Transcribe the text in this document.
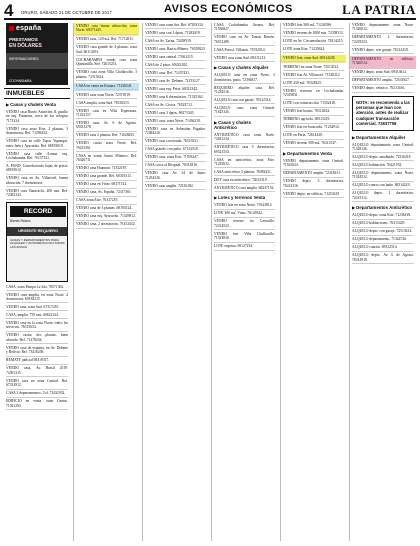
4 ORURO, SÁBADO 21 DE OCTUBRE DE 2017	AVISOS ECONÓMICOS	LA PATRIA
españa
PRESTAMOS
EN DÓLARES
INFORMACIONES
COCHABAMBA
INMUEBLES
▶Casas y chalets Venta
VENDO casa Barrio Asunción II, pasillo en esq. Finanzas, cerca de los colegios 7171234.
VENDO casa zona Este, 2 plantas, 3 dormitorios. Ref. 71296234.
VENDO casa en calle Tupac Yupanqui, entre Jaén y Ayacucho. Ref. 68183019.
VENDO casa calle Aroma esq. Cochabamba. Ref. 76137321.
A. PAND. Cancelaciones bajas de precio 68195612.
VENDO casa en Av. Villarroel, buena ubicación, 7 dormitorios.
VENDO casa Yanacachi, 200 mts. Ref. 72392143.
RECORD
Bienes Raíces
URGENTE REQUIERO
CASAS Y DEPARTAMENTOS PARA ALQUILER Y ANTICRÉTICO EN TODAS LAS ZONAS
CASA, zona Pampa La Isla. 76571362.
VENDO casa amplia, en zona Norte, 4 dormitorios. 69183215.
VENDO casa, zona Sud. 67317235.
CASA, amplia, 750 mts. 60621324.
VENDO casa en la zona Norte, todos los servicios. 76315634.
VENDO casita, dos plantas, buen ubicado. Ref. 71278234.
VENDO casa de esquina, en Av. Dehene y Bolívar. Ref. 73416239.
REMATE judicial 68319317.
VENDO casa, Av. Brasil 2519. 72491315.
VENDO casa en zona Central. Ref. 67312912.
CASA 2 departamentos. Cel. 72431932.
EDIFICIO en venta, zona Centro. 71341293.
VENDO casa buena ubicación, zona Norte. 68371245.
VENDO casa, 120 m2. Ref. 71712031.
VENDO casa grande de 4 plantas, zona Sud. 60113291.
COCHABAMBA vendo casa zona Quintanilla. Ref. 72615231.
VENDO casa zona Villa Challacollo, 3 plantas. 72315624.
CASA en venta en Karana. 71236541.
VENDO casa zona Norte. 72371819.
CASA amplia, zona Sud. 76518213.
VENDO casa en Villa Esperanza. 71232157.
VENDO casa, Av. 6 de Agosto. 69351278.
VENDO casa 2 plantas. Ref. 71628435.
VENDO casita zona Norte, Ref. 76231561.
CASA en venta, barrio Mineros. Ref. 76326711.
VENDO casa Huanuni. 71532167.
VENDO casa grande. Ref. 60319213.
VENDO casa en Vinto. 69371512.
VENDO casa, Av. España. 72317361.
CASA zona Este. 76137219.
VENDO casa de 3 plantas. 68193124.
VENDO casa esq. Ayacucho. 71329812.
VENDO casa, 2 dormitorios. 76152432.
VENDO casa zona Sur, Ref. 67293134.
VENDO casa con 3 dptos. 71283419.
CASA en Av. Tacna. 72438319.
VENDO casa, Barrio Minero. 76519823.
VENDO casa central. 73361215.
CASA de 2 pisos. 69243182.
VENDO casa. Ref. 71237431.
VENDO casa Av. Dehene. 72153127.
VENDO casa esq. Petot. 68312342.
VENDO casa 6 dormitorios. 71325162.
CASA en Av. Cívica. 76523712.
VENDO casa 3 dptos. 69271345.
VENDO casa, zona Norte. 71436219.
VENDO casa en Sebastián Pagador. 72384216.
VENDO casa con tienda. 76519321.
CASA grande, con patio. 67132518.
VENDO casa, zona Este. 71593247.
CASA cerca al Hospital. 76312816.
VENDO casa Av. 24 de Junio. 71254326.
VENDO casa amplia. 72316182.
CASA Cochabamba Aroma. Ref. 71536827.
VENDO casa en Av. Tomás Barrón. 76513289.
CASA Potosí, Villazón. 71932514.
VENDO casa zona Sud. 69311213.
▶Casas y chalets Alquiler
ALQUILO casa en zona Norte, 3 dormitorios, patio. 72394817.
REQUIERO alquiler casa. Ref. 71234516.
ALQUILO casa con garaje. 76512314.
ALQUILO casa, zona Central. 71623145.
▶Casas y chalets Anticrético
ANTICRÉTICO casa zona Norte. 72631234.
ANTICRÉTICO casa 3 dormitorios. 69321534.
CASA en anticrético, zona Este. 71235612.
CASA anticrético 2 plantas. 76382431.
DOY casa en anticrético. 72615319.
ANTICRÉTICO casa amplia. 68237152.
▶Lotes y terrenos Venta
VENDO lote en zona Norte. 71623812.
LOTE 300 m2, Vinto. 76129342.
VENDO terreno en Caracollo. 72314523.
VENDO lote Villa Challacollo. 71523816.
LOTE esquina. 69127234.
VENDO lote 300 m2. 71234586.
VENDO terreno de 1000 mts. 72358312.
LOTE en Av. Circunvalación. 76314215.
LOTE zona Este. 71235624.
VENDO lote, zona Sud. 69314238.
TERRENO en zona Norte. 72514312.
VENDO lote Av. Villarroel. 71326312.
LOTE 250 m2. 76328415.
VENDO terrenos en Cochabamba. 72319831.
LOTE con construcción. 71532418.
VENDO lote barato. 76512634.
TERRENO agrícola. 68315219.
VENDO lote en Soracachi. 71234912.
LOTE en Paria. 72614328.
VENDO terreno 500 m2. 76311547.
▶Departamentos Venta
VENDO departamento zona Central. 71523624.
DEPARTAMENTO amplio. 72318231.
VENDO depto. 3 dormitorios. 76412316.
VENDO depto. en edificio. 71253419.
VENDO departamento zona Norte. 71326812.
DEPARTAMENTO 2 dormitorios. 72419323.
VENDO depto. con garaje. 76312418.
DEPARTAMENTO en edificio. 71326514.
VENDO depto. zona Sud. 69314612.
DEPARTAMENTO amplio. 72531827.
VENDO depto. céntrico. 76213416.
NOTA: se recomienda a las personas que lean con atención, antes de realizar cualquier transacción comercial. 72837758
▶Departamentos Alquiler
ALQUILO departamento zona Central. 71528126.
ALQUILO depto. amoblado. 72316218.
ALQUILO habitación. 76421533.
ALQUILO departamento, zona Norte. 71324512.
ALQUILO cuarto con baño. 68314219.
ALQUILO depto. 2 dormitorios. 72415312.
▶Departamentos Anticrético
ALQUILO depto. zona Este. 71236418.
ALQUILO habitaciones. 76315429.
ALQUILO depto. con garaje. 72513614.
ALQUILO departamento. 71324726.
ALQUILO cuartos. 69312514.
ALQUILO depto. Av. 6 de Agosto. 76314918.
